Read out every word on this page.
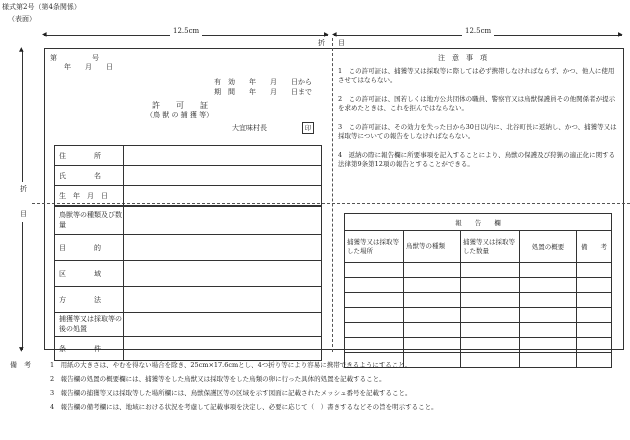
様式第2号（第4条関係）
（表面）
◀	▶
12.5cm	◀	▶
12.5cm
折 目
折
目
▲
▼
第　　　　　号
年　　月　　日
有　効　　年　　月　　日から
期　間　　年　　月　　日まで
許　　可　　証
（鳥 獣 の 捕 獲 等）
大宜味村長	印
住　　　　所	
氏　　　　名	
生　年　月　日	
鳥獣等の種類及び数量	
目　　　　的	
区　　　　域	
方　　　　法	
捕獲等又は採取等の後の処置	
条　　　　件	
注　意　事　項
1　この許可証は、捕獲等又は採取等に際しては必ず携帯しなければならず、かつ、他人に使用させてはならない。
2　この許可証は、国若しくは地方公共団体の職員、警察官又は鳥獣保護員その他関係者が提示を求めたときは、これを拒んではならない。
3　この許可証は、その効力を失った日から30日以内に、北谷町長に返納し、かつ、捕獲等又は採取等についての報告をしなければならない。
4　返納の際に報告欄に所要事項を記入することにより、鳥獣の保護及び狩猟の適正化に関する法律第9条第12項の報告とすることができる。
報　　告　　欄				
捕獲等又は採取等した場所	鳥獣等の種類	捕獲等又は採取等した数量	処置の概要	備　　考

備　考	1　用紙の大きさは、やむを得ない場合を除き、25cm×17.6cmとし、4つ折り等により容易に携帯できるようにすること。
2　報告欄の処置の概要欄には、捕獲等をした鳥獣又は採取等をした鳥類の卵に行った具体的処置を記載すること。
3　報告欄の捕獲等又は採取等した場所欄には、鳥獣保護区等の区域を示す図面に記載されたメッシュ番号を記載すること。
4　報告欄の備考欄には、地域における状況を考慮して記載事項を決定し、必要に応じて（　）書きするなどその旨を明示すること。
